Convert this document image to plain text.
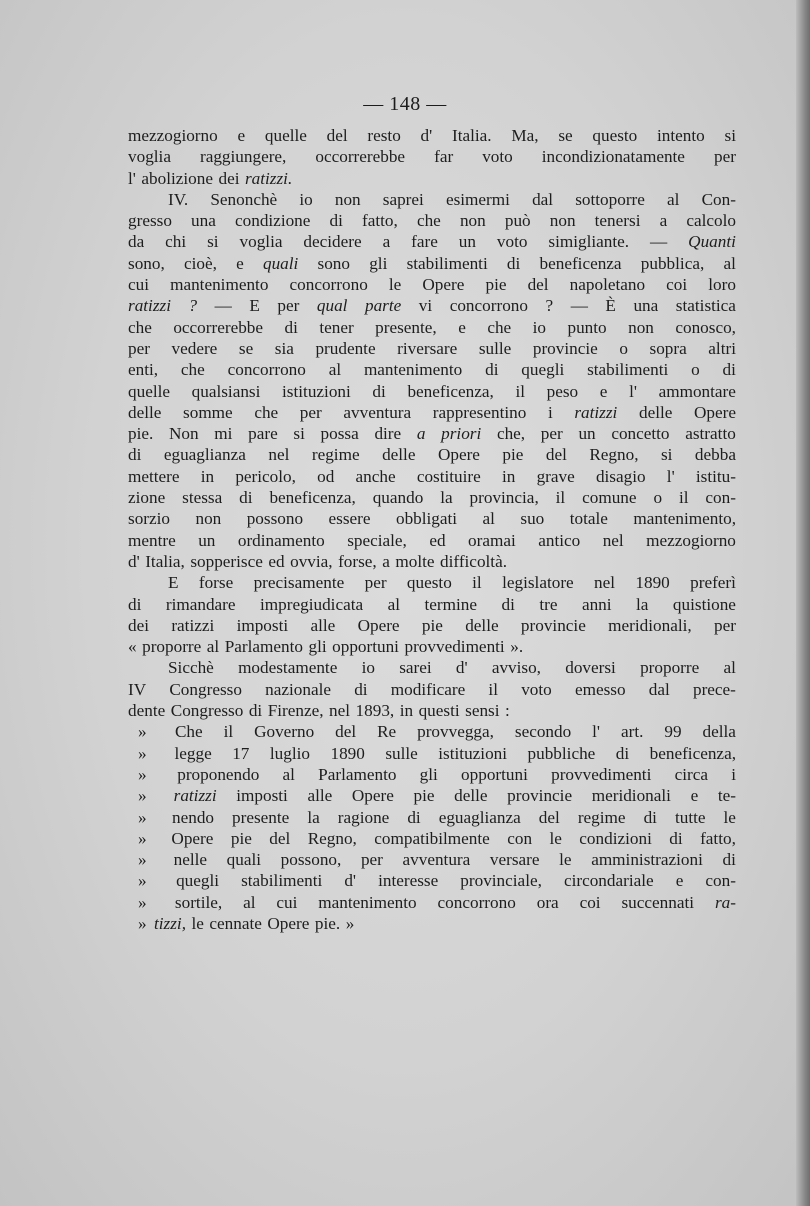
— 148 —
mezzogiorno e quelle del resto d' Italia. Ma, se questo intento si
voglia raggiungere, occorrerebbe far voto incondizionatamente per
l' abolizione dei ratizzi.
IV. Senonchè io non saprei esimermi dal sottoporre al Con-
gresso una condizione di fatto, che non può non tenersi a calcolo
da chi si voglia decidere a fare un voto simigliante. — Quanti
sono, cioè, e quali sono gli stabilimenti di beneficenza pubblica, al
cui mantenimento concorrono le Opere pie del napoletano coi loro
ratizzi ? — E per qual parte vi concorrono ? — È una statistica
che occorrerebbe di tener presente, e che io punto non conosco,
per vedere se sia prudente riversare sulle provincie o sopra altri
enti, che concorrono al mantenimento di quegli stabilimenti o di
quelle qualsiansi istituzioni di beneficenza, il peso e l' ammontare
delle somme che per avventura rappresentino i ratizzi delle Opere
pie. Non mi pare si possa dire a priori che, per un concetto astratto
di eguaglianza nel regime delle Opere pie del Regno, si debba
mettere in pericolo, od anche costituire in grave disagio l' istitu-
zione stessa di beneficenza, quando la provincia, il comune o il con-
sorzio non possono essere obbligati al suo totale mantenimento,
mentre un ordinamento speciale, ed oramai antico nel mezzogiorno
d' Italia, sopperisce ed ovvia, forse, a molte difficoltà.
E forse precisamente per questo il legislatore nel 1890 preferì
di rimandare impregiudicata al termine di tre anni la quistione
dei ratizzi imposti alle Opere pie delle provincie meridionali, per
« proporre al Parlamento gli opportuni provvedimenti ».
Sicchè modestamente io sarei d' avviso, doversi proporre al
IV Congresso nazionale di modificare il voto emesso dal prece-
dente Congresso di Firenze, nel 1893, in questi sensi :
»	Che il Governo del Re provvegga, secondo l' art. 99 della
»	legge 17 luglio 1890 sulle istituzioni pubbliche di beneficenza,
»	proponendo al Parlamento gli opportuni provvedimenti circa i
»	ratizzi imposti alle Opere pie delle provincie meridionali e te-
»	nendo presente la ragione di eguaglianza del regime di tutte le
»	Opere pie del Regno, compatibilmente con le condizioni di fatto,
»	nelle quali possono, per avventura versare le amministrazioni di
»	quegli stabilimenti d' interesse provinciale, circondariale e con-
»	sortile, al cui mantenimento concorrono ora coi succennati ra-
» tizzi, le cennate Opere pie. »
